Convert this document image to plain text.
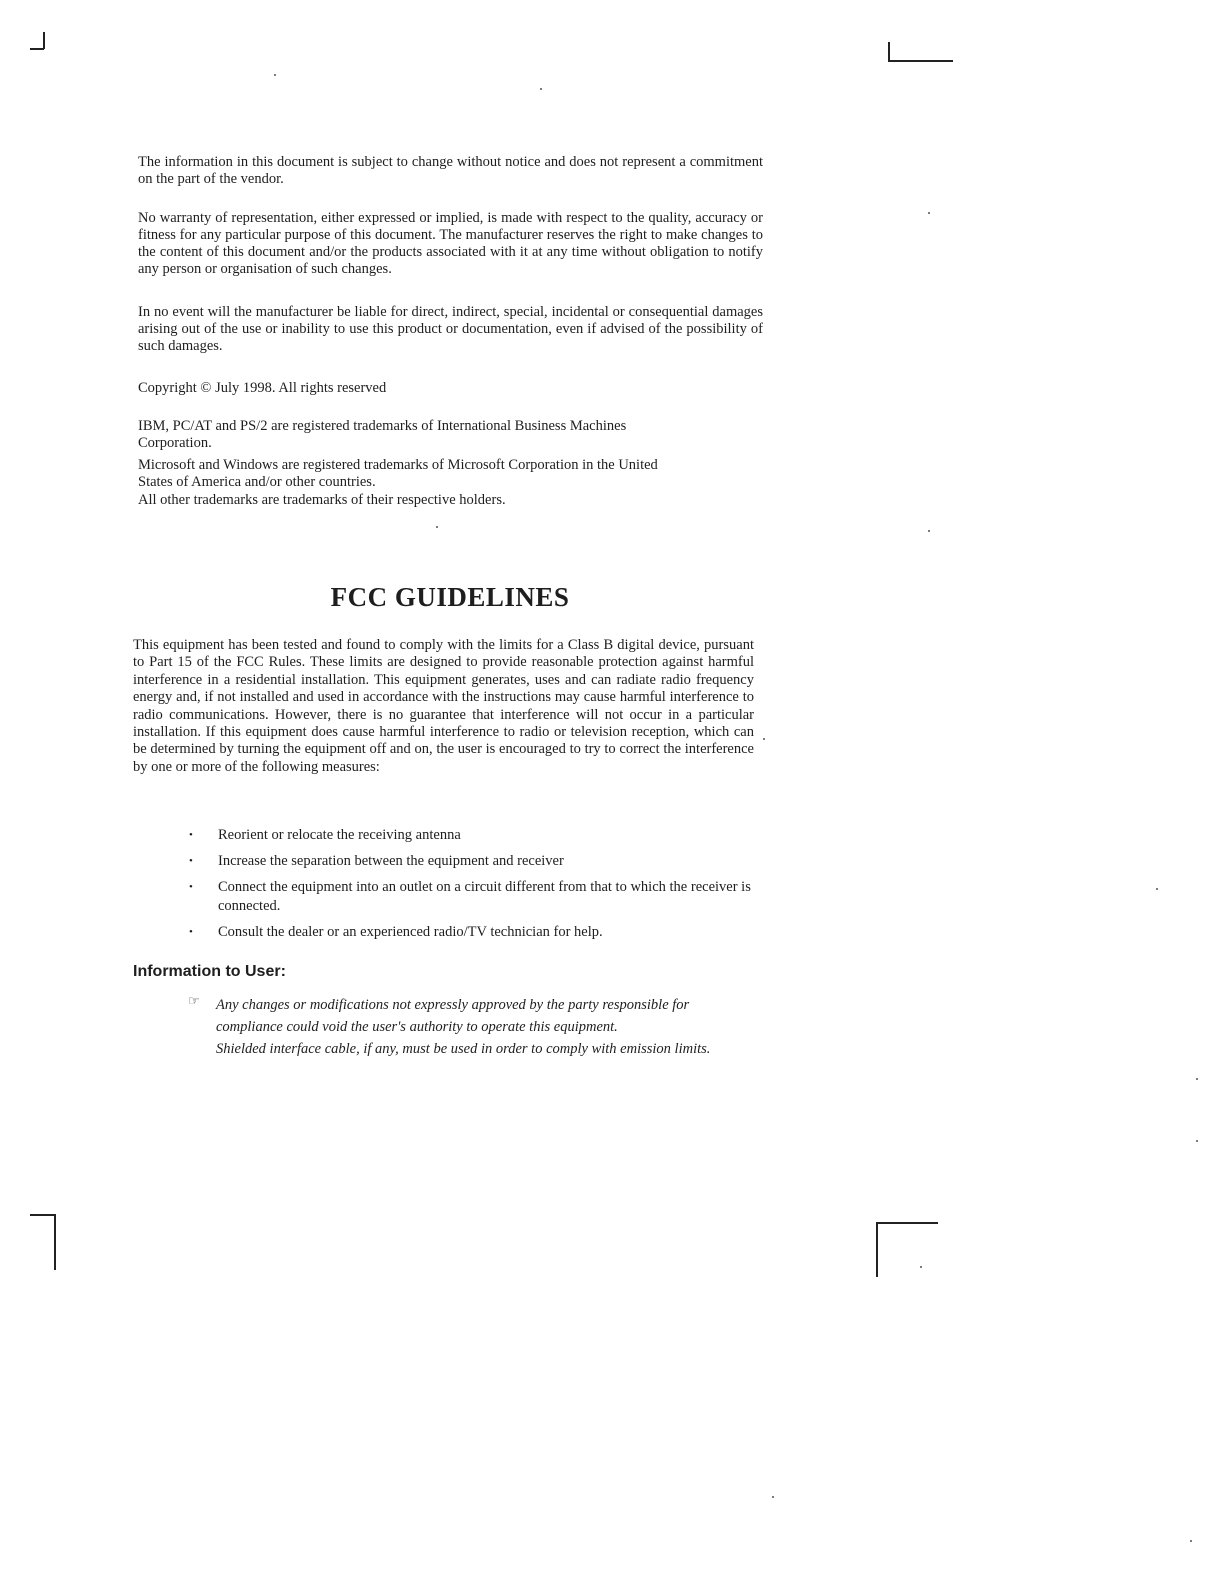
The information in this document is subject to change without notice and does not represent a commitment on the part of the vendor.

No warranty of representation, either expressed or implied, is made with respect to the quality, accuracy or fitness for any particular purpose of this document. The manufacturer reserves the right to make changes to the content of this document and/or the products associated with it at any time without obligation to notify any person or organisation of such changes.

In no event will the manufacturer be liable for direct, indirect, special, incidental or consequential damages arising out of the use or inability to use this product or documentation, even if advised of the possibility of such damages.

Copyright © July 1998. All rights reserved

IBM, PC/AT and PS/2 are registered trademarks of International Business Machines

Corporation.

Microsoft and Windows are registered trademarks of Microsoft Corporation in the United

States of America and/or other countries.

All other trademarks are trademarks of their respective holders.

FCC GUIDELINES

This equipment has been tested and found to comply with the limits for a Class B digital device, pursuant to Part 15 of the FCC Rules. These limits are designed to provide reasonable protection against harmful interference in a residential installation. This equipment generates, uses and can radiate radio frequency energy and, if not installed and used in accordance with the instructions may cause harmful interference to radio communications. However, there is no guarantee that interference will not occur in a particular installation. If this equipment does cause harmful interference to radio or television reception, which can be determined by turning the equipment off and on, the user is encouraged to try to correct the interference by one or more of the following measures:

• Reorient or relocate the receiving antenna
• Increase the separation between the equipment and receiver
• Connect the equipment into an outlet on a circuit different from that to which the receiver is connected.
• Consult the dealer or an experienced radio/TV technician for help.
Information to User:
☞ Any changes or modifications not expressly approved by the party responsible for compliance could void the user's authority to operate this equipment.

Shielded interface cable, if any, must be used in order to comply with emission limits.
